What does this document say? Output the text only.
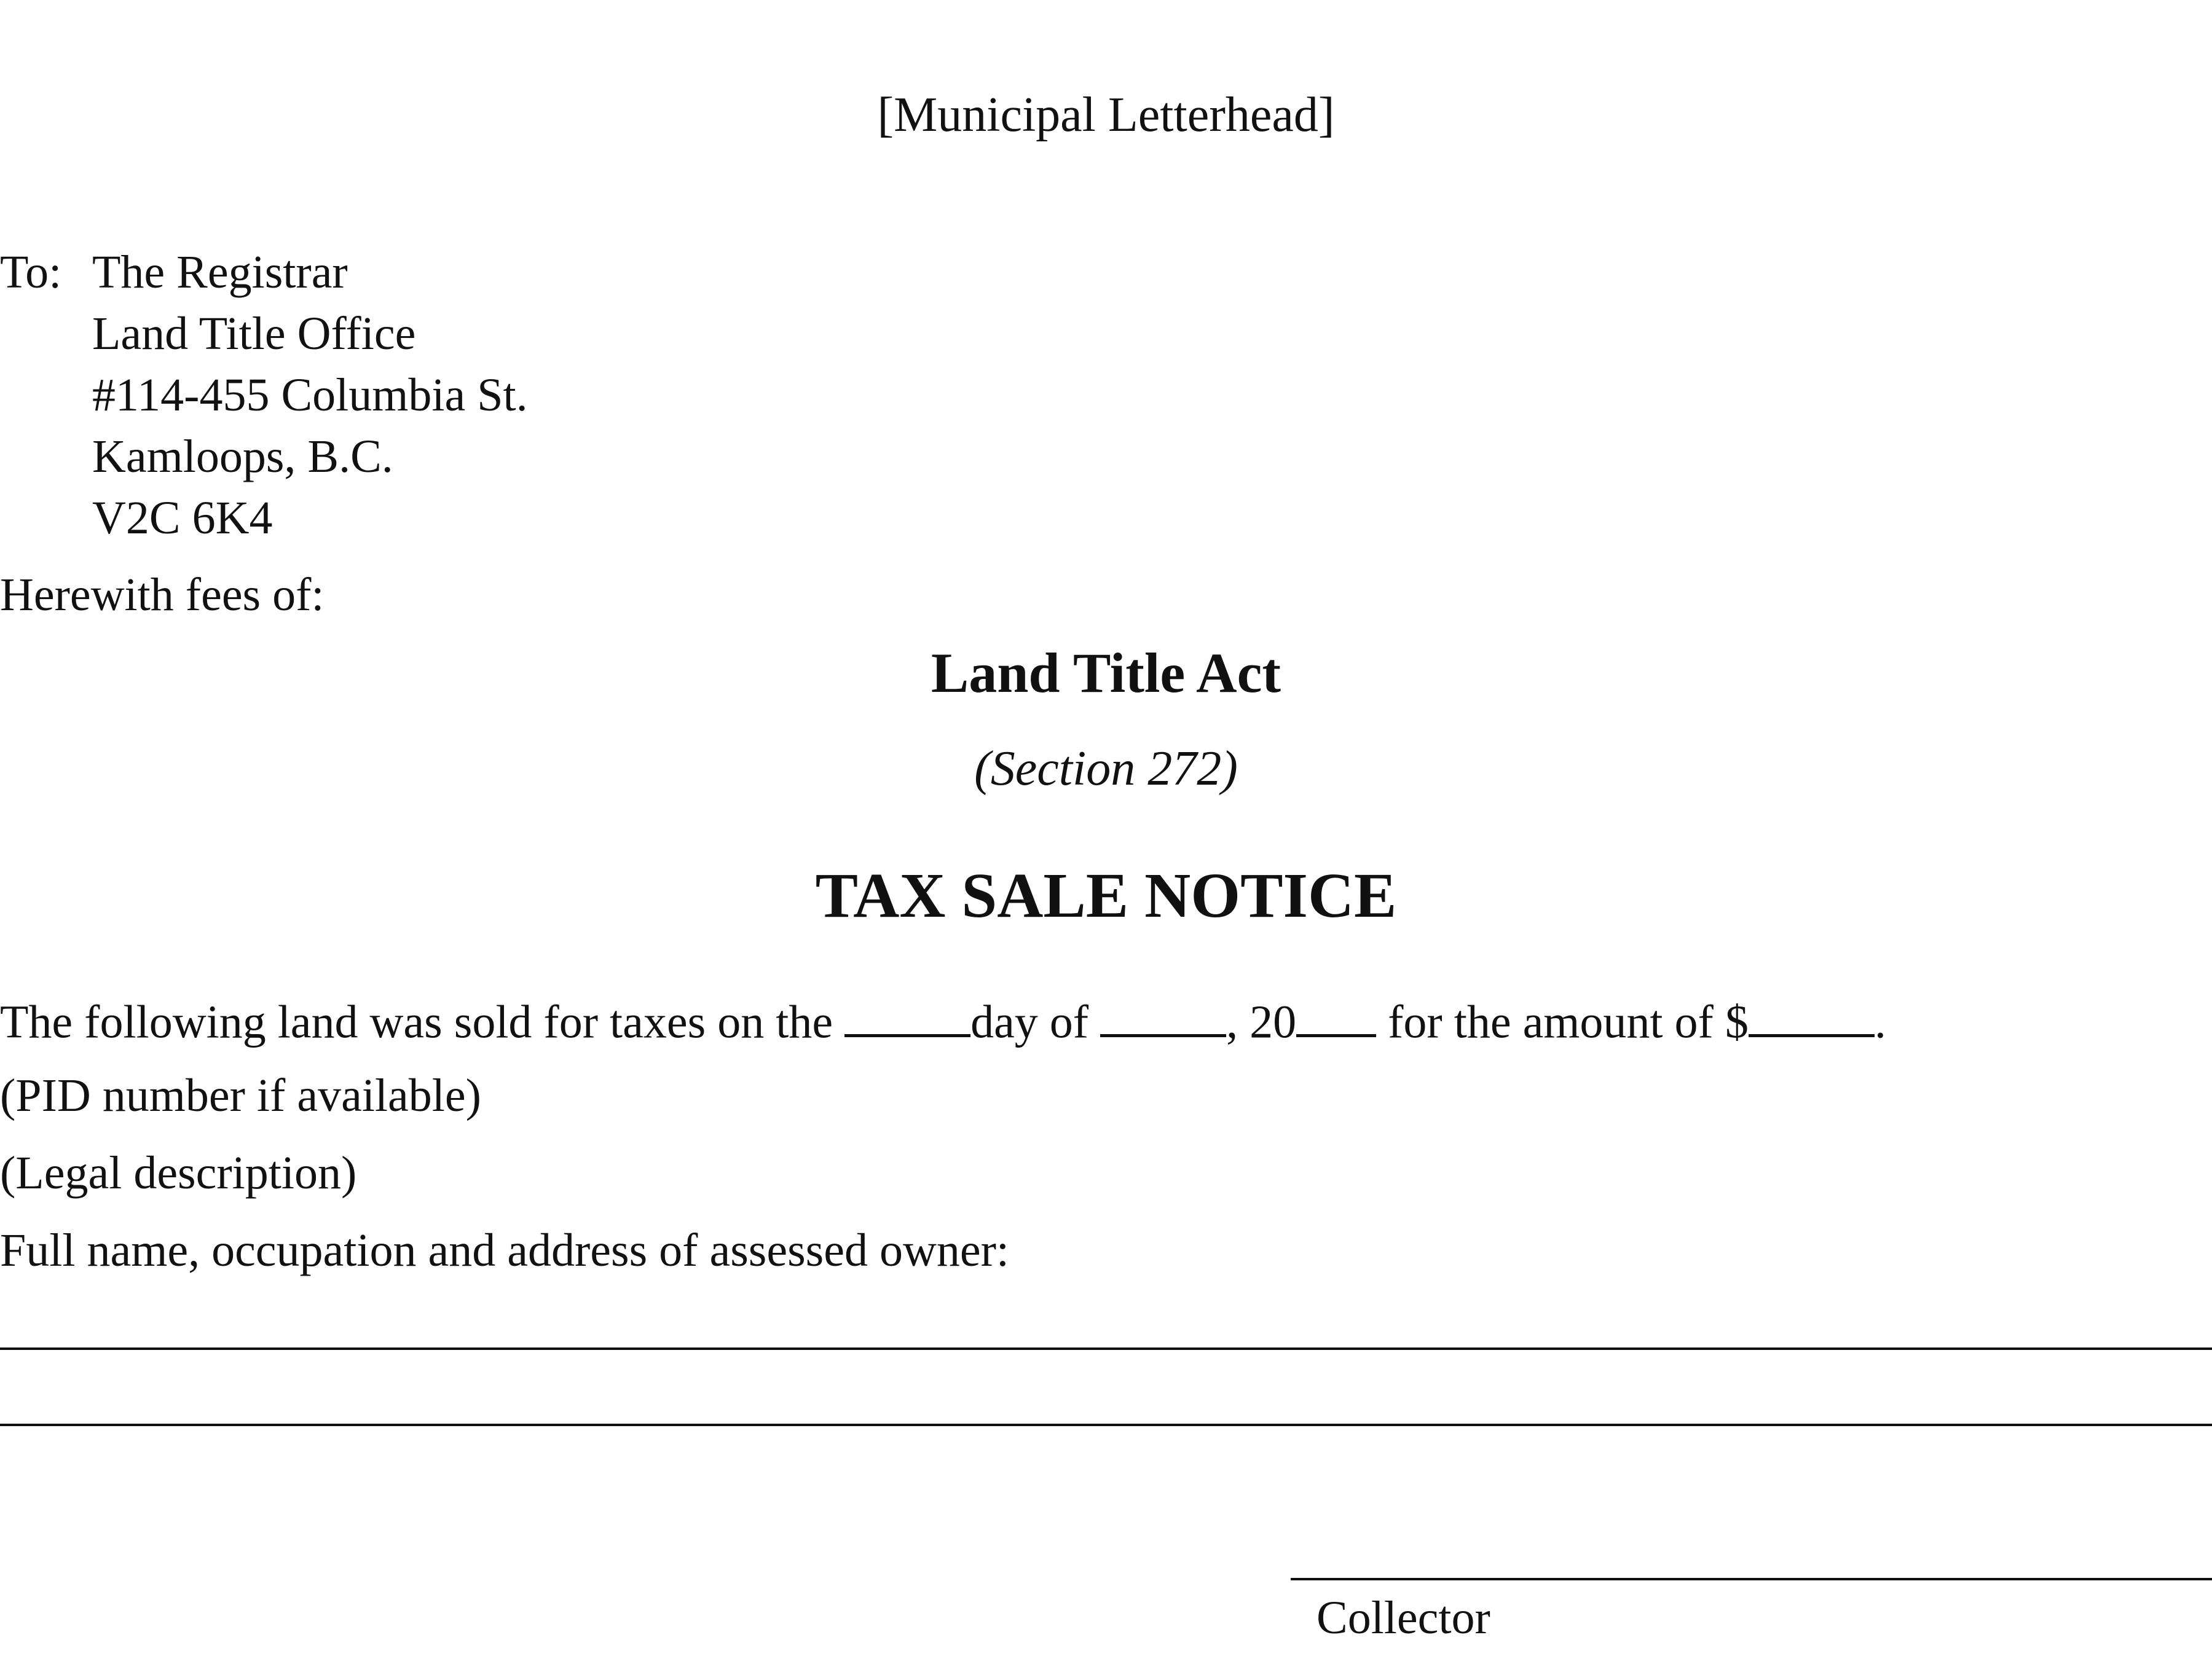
[Municipal Letterhead]
To: The Registrar
Land Title Office
#114-455 Columbia St.
Kamloops, B.C.
V2C 6K4
Herewith fees of:
Land Title Act
(Section 272)
TAX SALE NOTICE
The following land was sold for taxes on the	day of	, 20 for the amount of $	.
(PID number if available)
(Legal description)
Full name, occupation and address of assessed owner:
Collector
